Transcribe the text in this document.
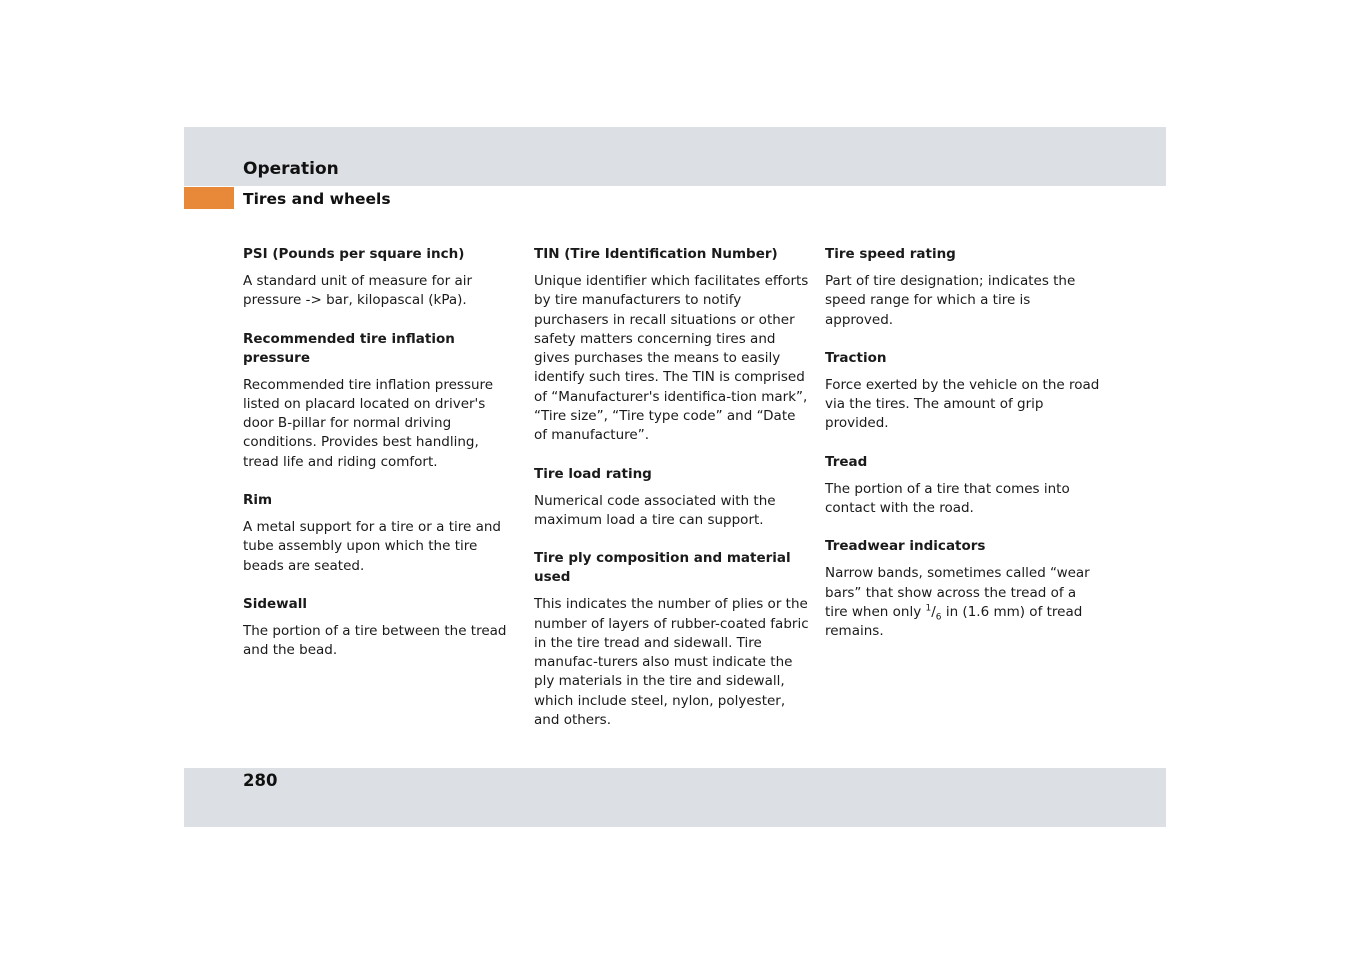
Operation
Tires and wheels

PSI (Pounds per square inch)

A standard unit of measure for air pressure -> bar, kilopascal (kPa).

Recommended tire inflation pressure

Recommended tire inflation pressure listed on placard located on driver's door B-pillar for normal driving conditions. Provides best handling, tread life and riding comfort.

Rim

A metal support for a tire or a tire and tube assembly upon which the tire beads are seated.

Sidewall

The portion of a tire between the tread and the bead.

TIN (Tire Identification Number)

Unique identifier which facilitates efforts by tire manufacturers to notify purchasers in recall situations or other safety matters concerning tires and gives purchases the means to easily identify such tires. The TIN is comprised of “Manufacturer's identifica-tion mark”, “Tire size”, “Tire type code” and “Date of manufacture”.

Tire load rating

Numerical code associated with the maximum load a tire can support.

Tire ply composition and material used

This indicates the number of plies or the number of layers of rubber-coated fabric in the tire tread and sidewall. Tire manufac-turers also must indicate the ply materials in the tire and sidewall, which include steel, nylon, polyester, and others.

Tire speed rating

Part of tire designation; indicates the speed range for which a tire is approved.

Traction

Force exerted by the vehicle on the road via the tires. The amount of grip provided.

Tread

The portion of a tire that comes into contact with the road.

Treadwear indicators

Narrow bands, sometimes called “wear bars” that show across the tread of a tire when only $^1/_6$ in (1.6 mm) of tread remains.

280
